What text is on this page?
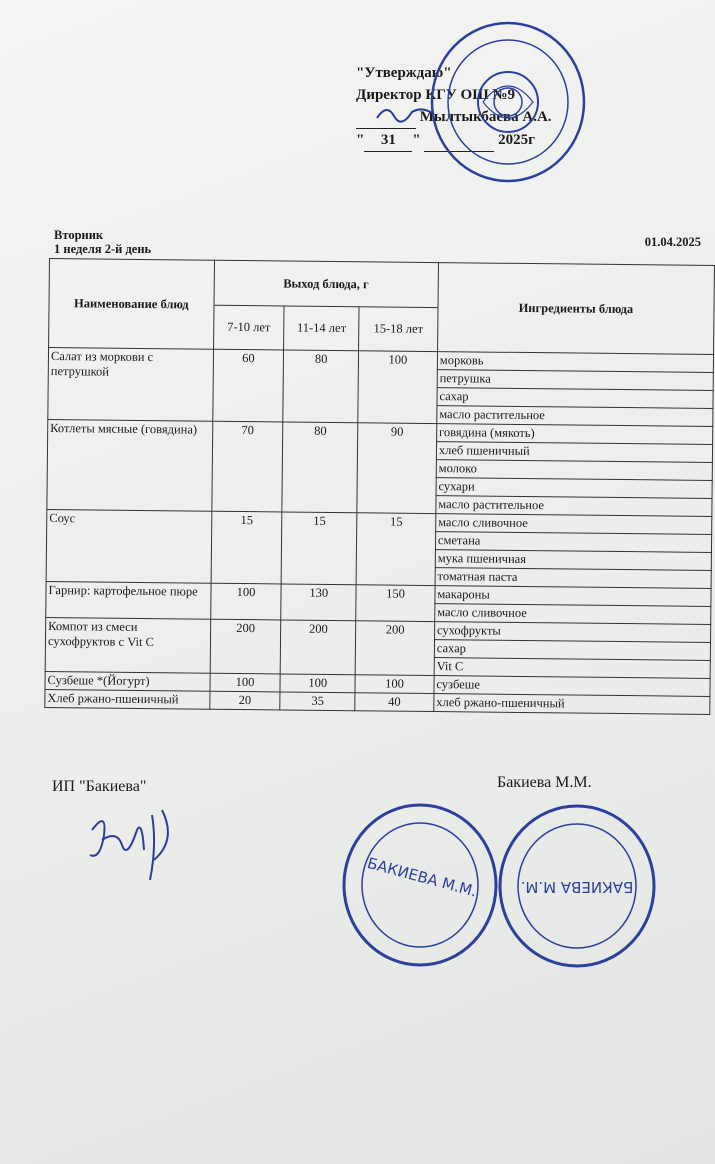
"Утверждаю"
Директор КГУ ОШ №9
Мылтыкбаева А.А.
" 31 "	2025г
Вторник
1 неделя 2-й день	01.04.2025
Наименование блюд	Выход блюда, г			Ингредиенты блюда
	7-10 лет	11-14 лет	15-18 лет	
Салат из моркови с петрушкой	60	80	100	морковь
				петрушка
				сахар
				масло растительное
Котлеты мясные (говядина)	70	80	90	говядина (мякоть)
				хлеб пшеничный
				молоко
				сухари
				масло растительное
Соус	15	15	15	масло сливочное
				сметана
				мука пшеничная
				томатная паста
Гарнир: картофельное пюре	100	130	150	макароны
				масло сливочное
Компот из смеси сухофруктов с Vit C	200	200	200	сухофрукты
				сахар
				Vit C
Сузбеше *(Йогурт)	100	100	100	сузбеше
Хлеб ржано-пшеничный	20	35	40	хлеб ржано-пшеничный
ИП "Бакиева"	Бакиева М.М.
БАКИЕВА М.М.	БАКИЕВА М.М.
